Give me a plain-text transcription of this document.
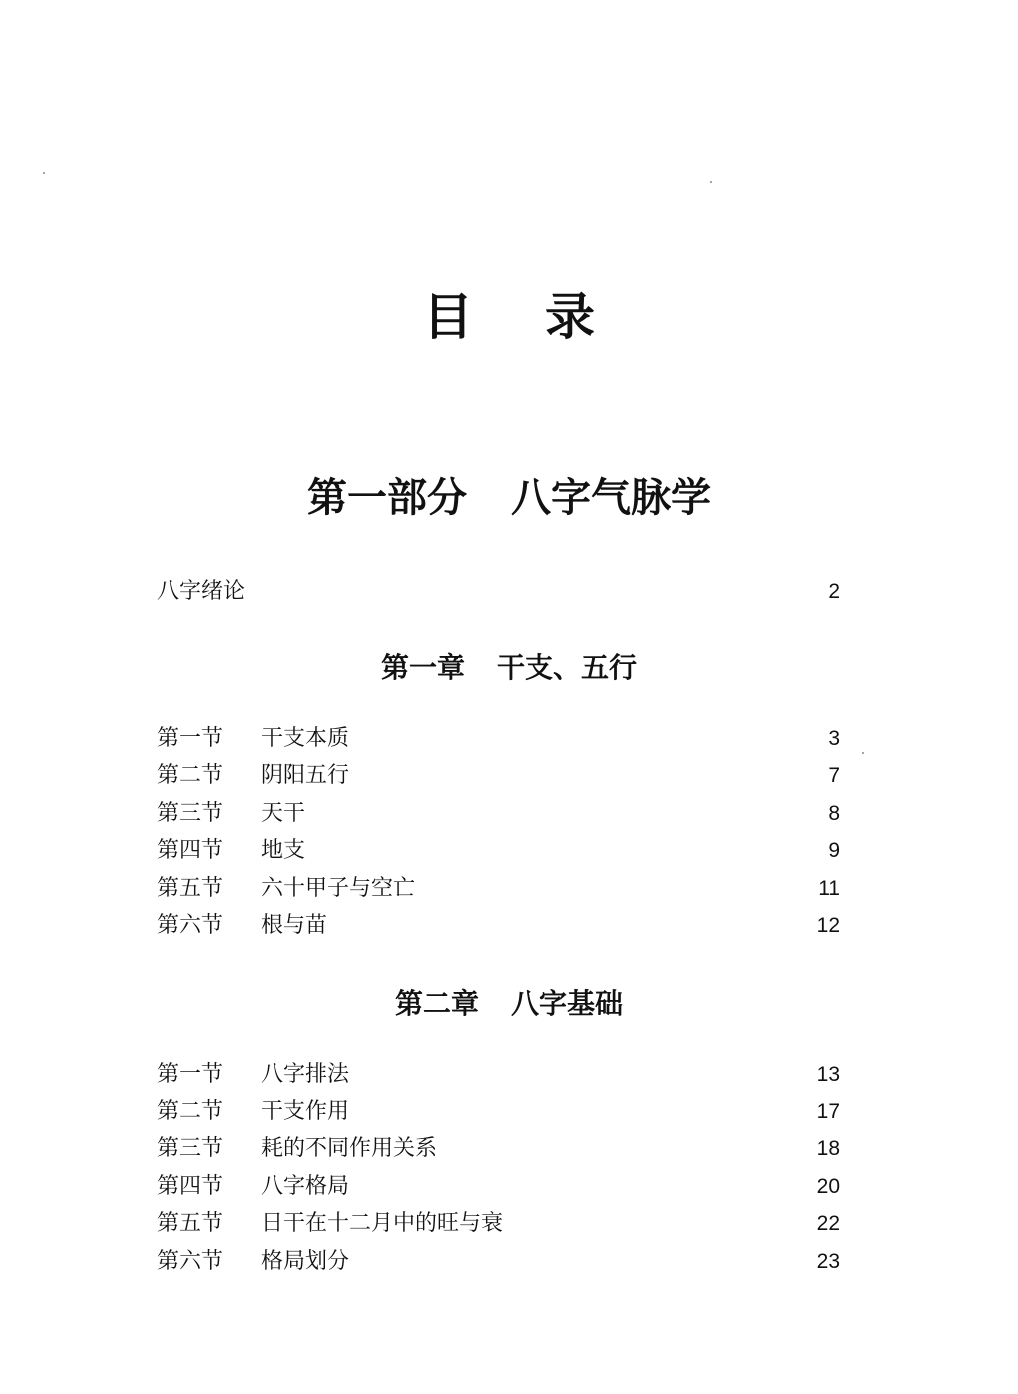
目录
第一部分 八字气脉学
八字绪论	2
第一章 干支、五行
第一节	干支本质	3
第二节	阴阳五行	7
第三节	天干	8
第四节	地支	9
第五节	六十甲子与空亡	11
第六节	根与苗	12
第二章 八字基础
第一节	八字排法	13
第二节	干支作用	17
第三节	耗的不同作用关系	18
第四节	八字格局	20
第五节	日干在十二月中的旺与衰	22
第六节	格局划分	23
